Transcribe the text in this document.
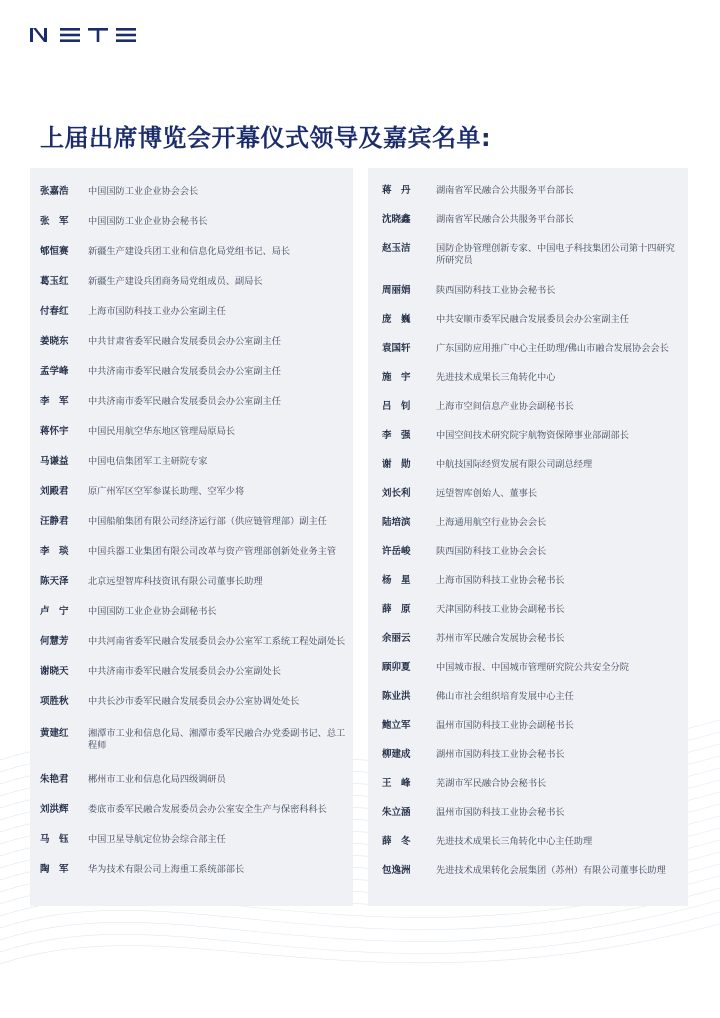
上届出席博览会开幕仪式领导及嘉宾名单:
张嘉浩	中国国防工业企业协会会长
张　军	中国国防工业企业协会秘书长
郇恒赛	新疆生产建设兵团工业和信息化局党组书记、局长
葛玉红	新疆生产建设兵团商务局党组成员、副局长
付春红	上海市国防科技工业办公室副主任
姜晓东	中共甘肃省委军民融合发展委员会办公室副主任
孟学峰	中共济南市委军民融合发展委员会办公室副主任
李　军	中共济南市委军民融合发展委员会办公室副主任
蒋怀宇	中国民用航空华东地区管理局原局长
马谦益	中国电信集团军工主研院专家
刘殿君	原广州军区空军参谋长助理、空军少将
汪静君	中国船舶集团有限公司经济运行部（供应链管理部）副主任
李　琰	中国兵器工业集团有限公司改革与资产管理部创新处业务主管
陈天泽	北京远望智库科技资讯有限公司董事长助理
卢　宁	中国国防工业企业协会副秘书长
何慧芳	中共河南省委军民融合发展委员会办公室军工系统工程处副处长
谢晓天	中共济南市委军民融合发展委员会办公室副处长
项胜秋	中共长沙市委军民融合发展委员会办公室协调处处长
黄建红	湘潭市工业和信息化局、湘潭市委军民融合办党委副书记、总工程师
朱艳君	郴州市工业和信息化局四级调研员
刘洪辉	娄底市委军民融合发展委员会办公室安全生产与保密科科长
马　钰	中国卫星导航定位协会综合部主任
陶　军	华为技术有限公司上海重工系统部部长
蒋　丹	湖南省军民融合公共服务平台部长
沈晓鑫	湖南省军民融合公共服务平台部长
赵玉洁	国防企协管理创新专家、中国电子科技集团公司第十四研究所研究员
周丽娟	陕西国防科技工业协会秘书长
庞　巍	中共安顺市委军民融合发展委员会办公室副主任
袁国轩	广东国防应用推广中心主任助理/佛山市融合发展协会会长
施　宇	先进技术成果长三角转化中心
吕　钊	上海市空间信息产业协会副秘书长
李　强	中国空间技术研究院宇航物资保障事业部副部长
谢　勋	中航技国际经贸发展有限公司副总经理
刘长利	远望智库创始人、董事长
陆培滨	上海通用航空行业协会会长
许岳峻	陕西国防科技工业协会会长
杨　星	上海市国防科技工业协会秘书长
薛　原	天津国防科技工业协会副秘书长
余丽云	苏州市军民融合发展协会秘书长
顾卯夏	中国城市报、中国城市管理研究院公共安全分院
陈业洪	佛山市社会组织培育发展中心主任
鲍立军	温州市国防科技工业协会副秘书长
柳建成	湖州市国防科技工业协会秘书长
王　峰	芜湖市军民融合协会秘书长
朱立涵	温州市国防科技工业协会秘书长
薛　冬	先进技术成果长三角转化中心主任助理
包逸洲	先进技术成果转化会展集团（苏州）有限公司董事长助理
